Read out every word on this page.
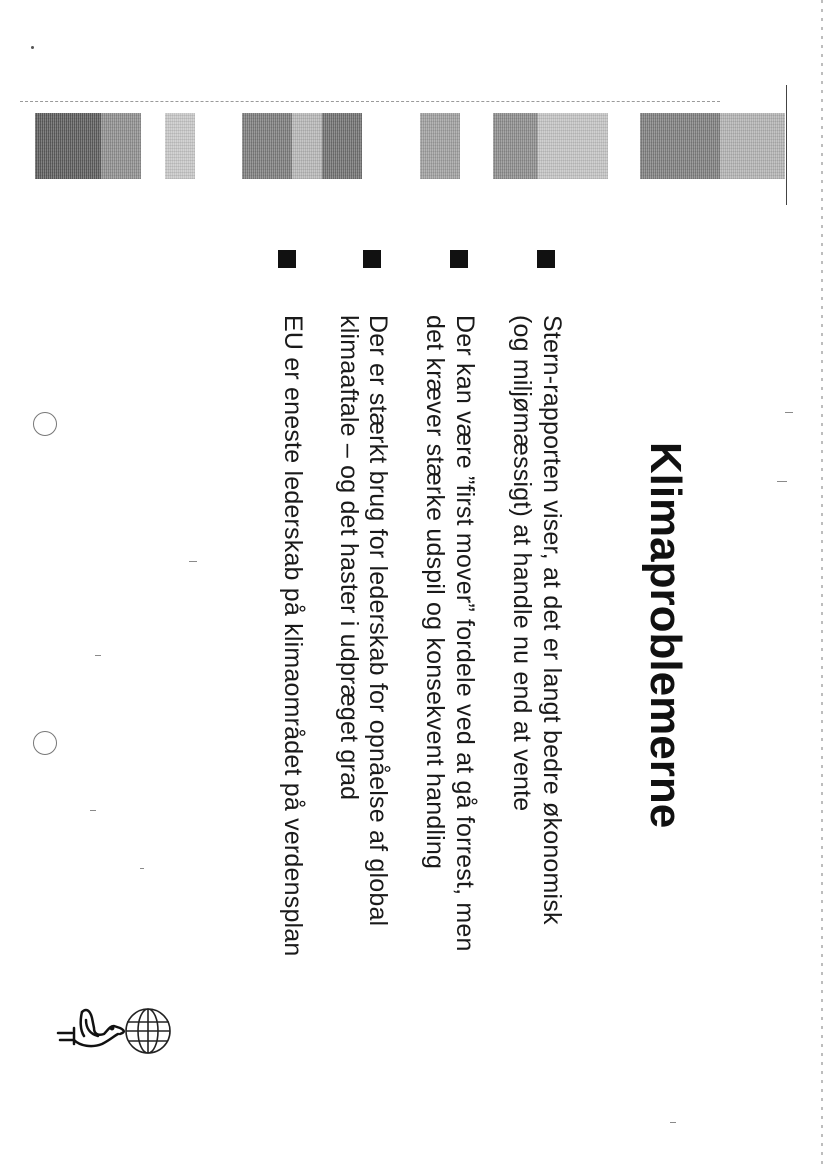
Klimaproblemerne
Stern-rapporten viser, at det er langt bedre økonomisk
(og miljømæssigt) at handle nu end at vente
Der kan være ”first mover” fordele ved at gå forrest, men
det kræver stærke udspil og konsekvent handling
Der er stærkt brug for lederskab for opnåelse af global
klimaaftale – og det haster i udpræget grad
EU er eneste lederskab på klimaområdet på verdensplan
